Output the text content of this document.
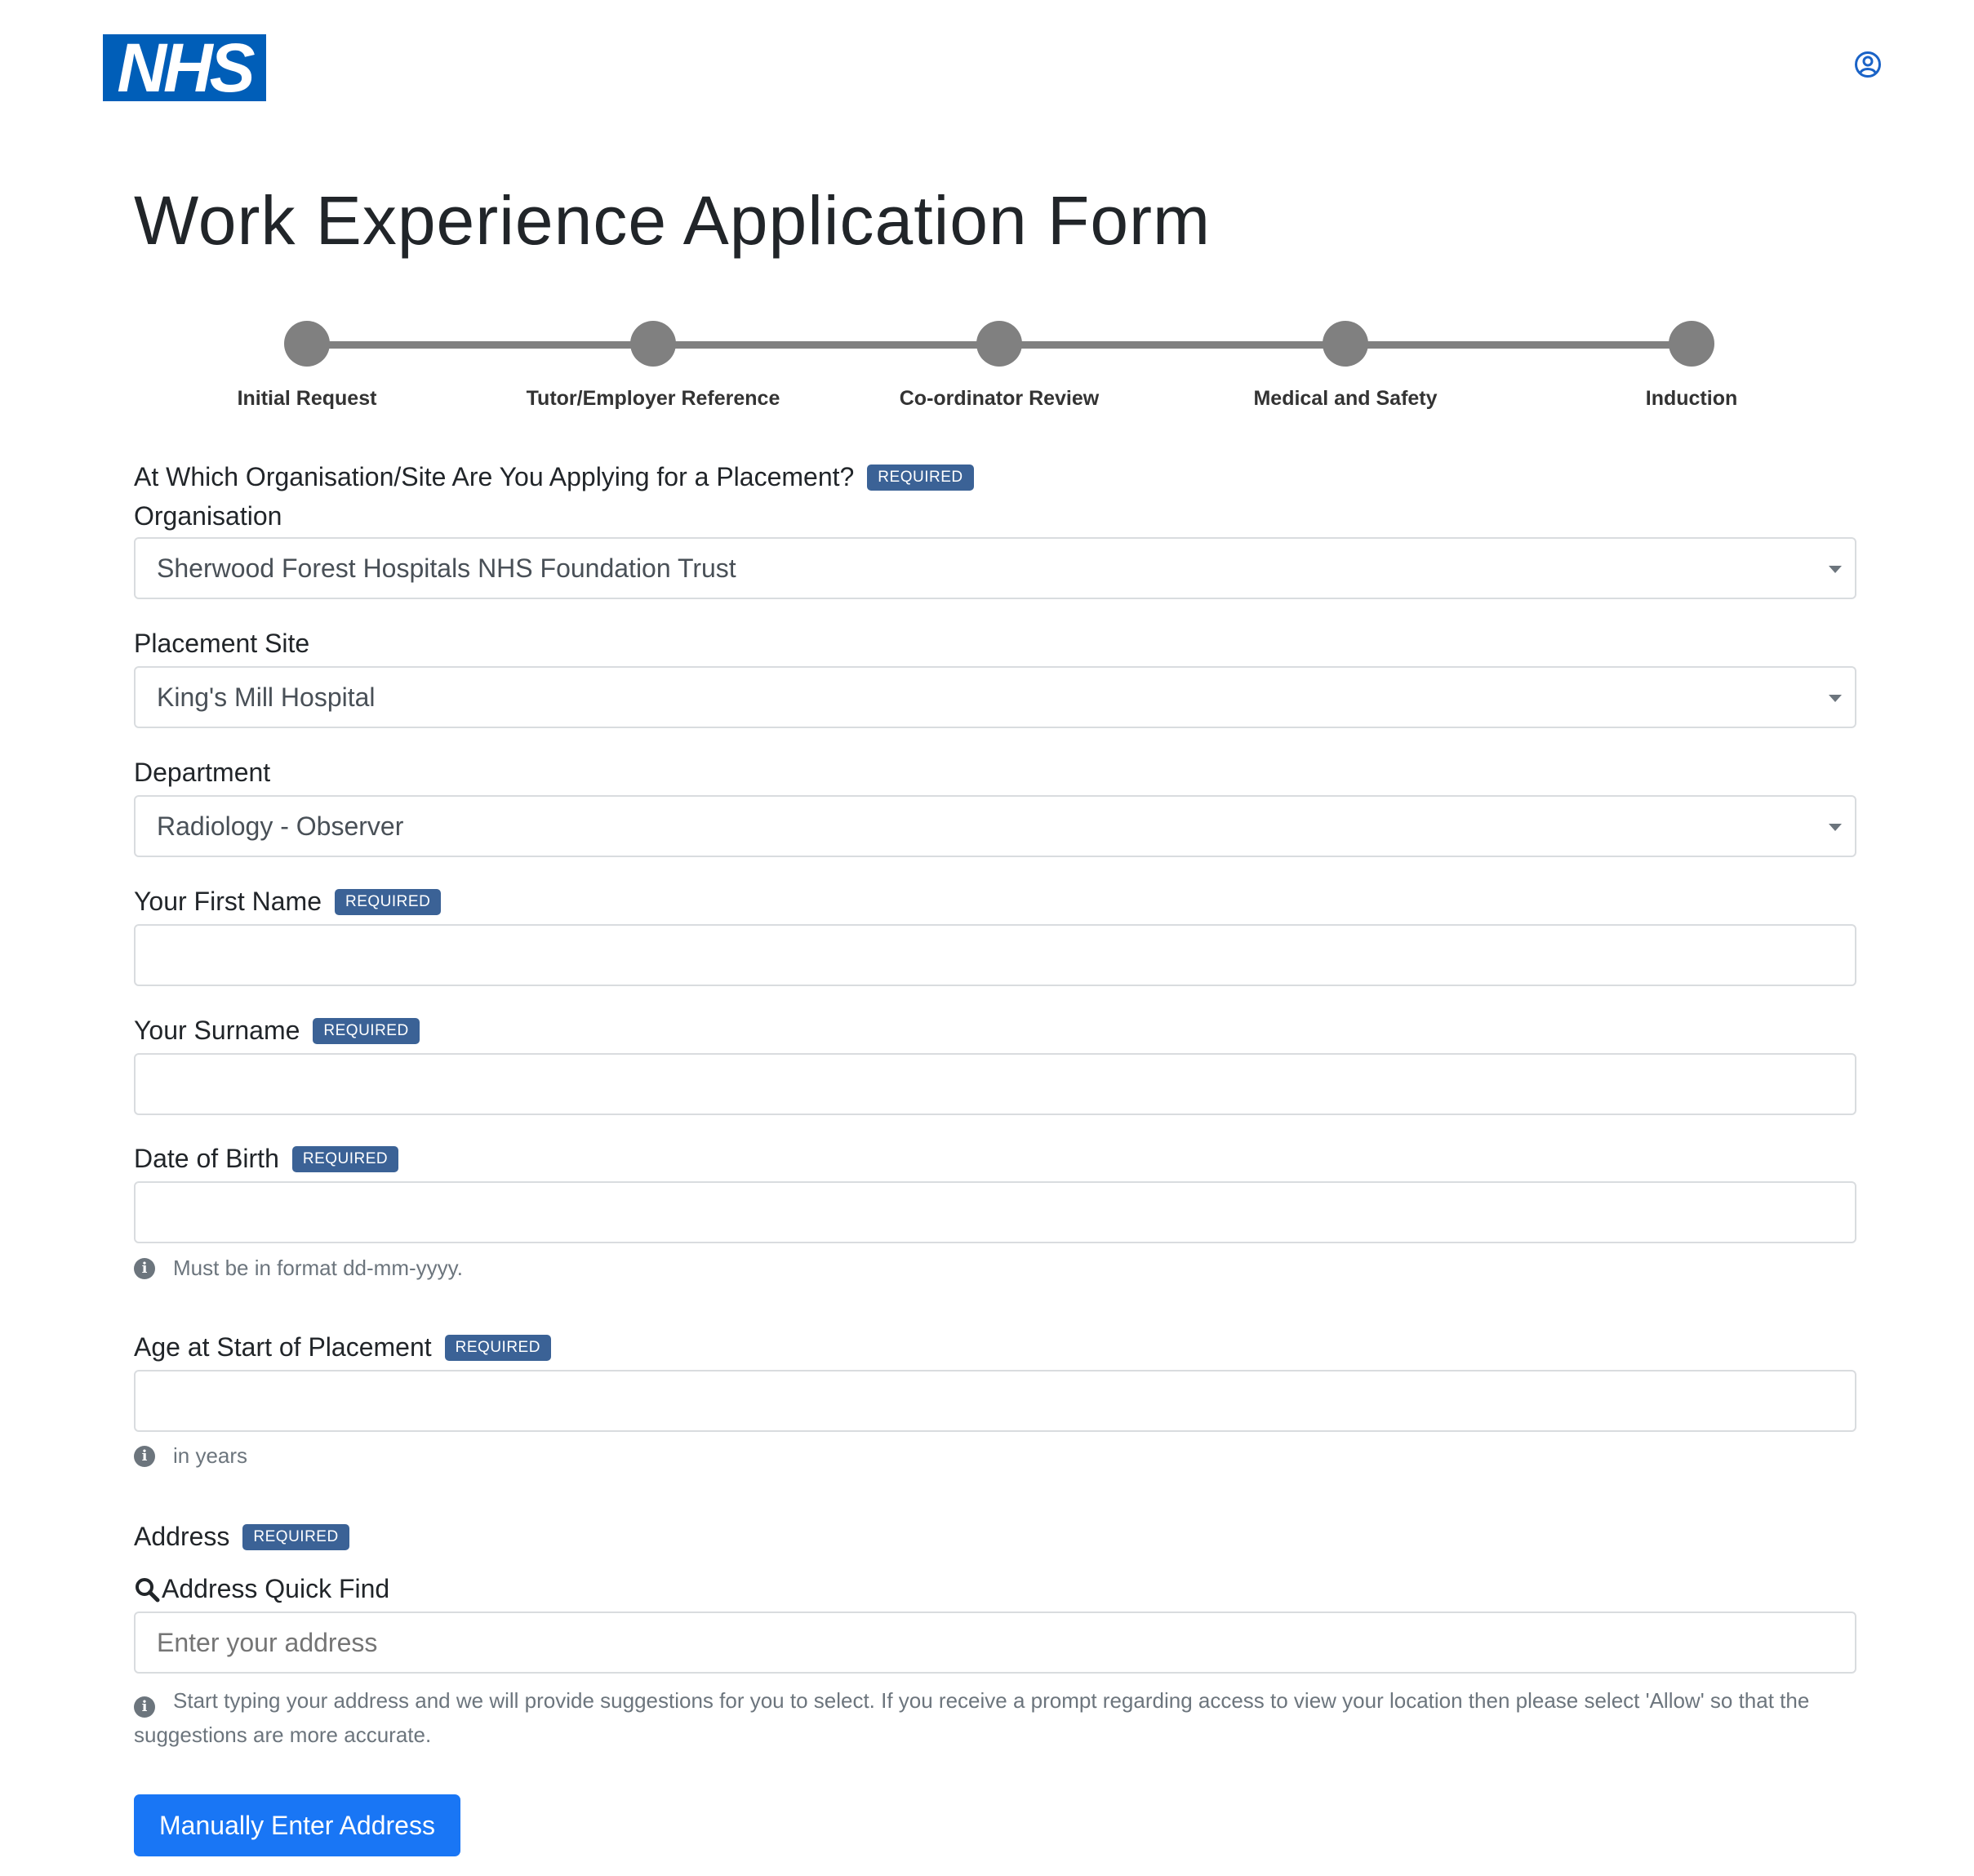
NHS
Work Experience Application Form
Initial Request	Tutor/Employer Reference	Co-ordinator Review	Medical and Safety	Induction
At Which Organisation/Site Are You Applying for a Placement?	REQUIRED
Organisation
Sherwood Forest Hospitals NHS Foundation Trust
Placement Site
King's Mill Hospital
Department
Radiology - Observer
Your First Name	REQUIRED
Your Surname	REQUIRED
Date of Birth	REQUIRED
i	Must be in format dd-mm-yyyy.
Age at Start of Placement	REQUIRED
i	in years
Address	REQUIRED
Address Quick Find
Enter your address
i Start typing your address and we will provide suggestions for you to select. If you receive a prompt regarding access to view your location then please select 'Allow' so that the suggestions are more accurate.
Manually Enter Address
